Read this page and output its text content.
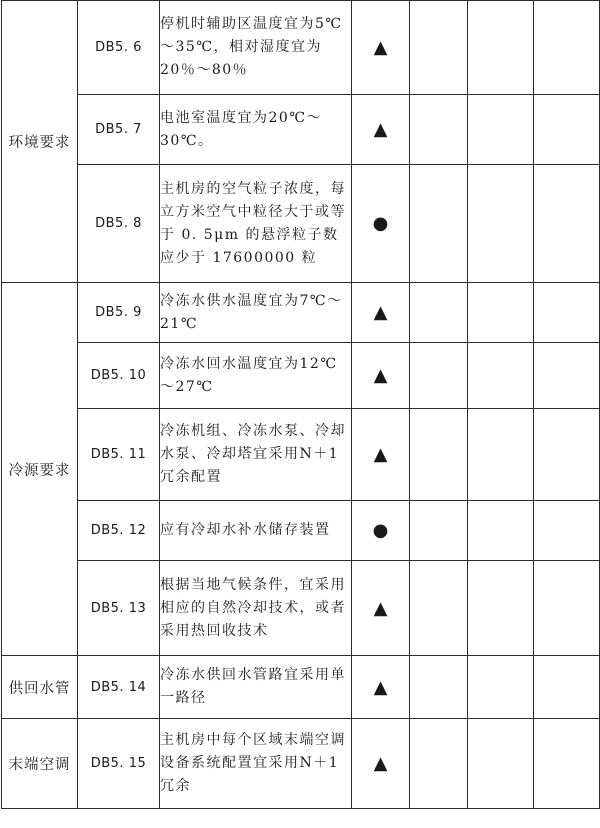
环境要求	DB5. 6	停机时辅助区温度宜为5℃～35℃，相对湿度宜为20％～80％	▲			
	DB5. 7	电池室温度宜为20℃～30℃。	▲			
	DB5. 8	主机房的空气粒子浓度，每立方米空气中粒径大于或等于 0. 5μm 的悬浮粒子数应少于 17600000 粒	●			
冷源要求	DB5. 9	冷冻水供水温度宜为7℃～21℃	▲			
	DB5. 10	冷冻水回水温度宜为12℃～27℃	▲			
	DB5. 11	冷冻机组、冷冻水泵、冷却水泵、冷却塔宜采用N＋1冗余配置	▲			
	DB5. 12	应有冷却水补水储存装置	●			
	DB5. 13	根据当地气候条件，宜采用相应的自然冷却技术，或者采用热回收技术	▲			
供回水管	DB5. 14	冷冻水供回水管路宜采用单一路径	▲			
末端空调	DB5. 15	主机房中每个区域末端空调设备系统配置宜采用N＋1冗余	▲			
